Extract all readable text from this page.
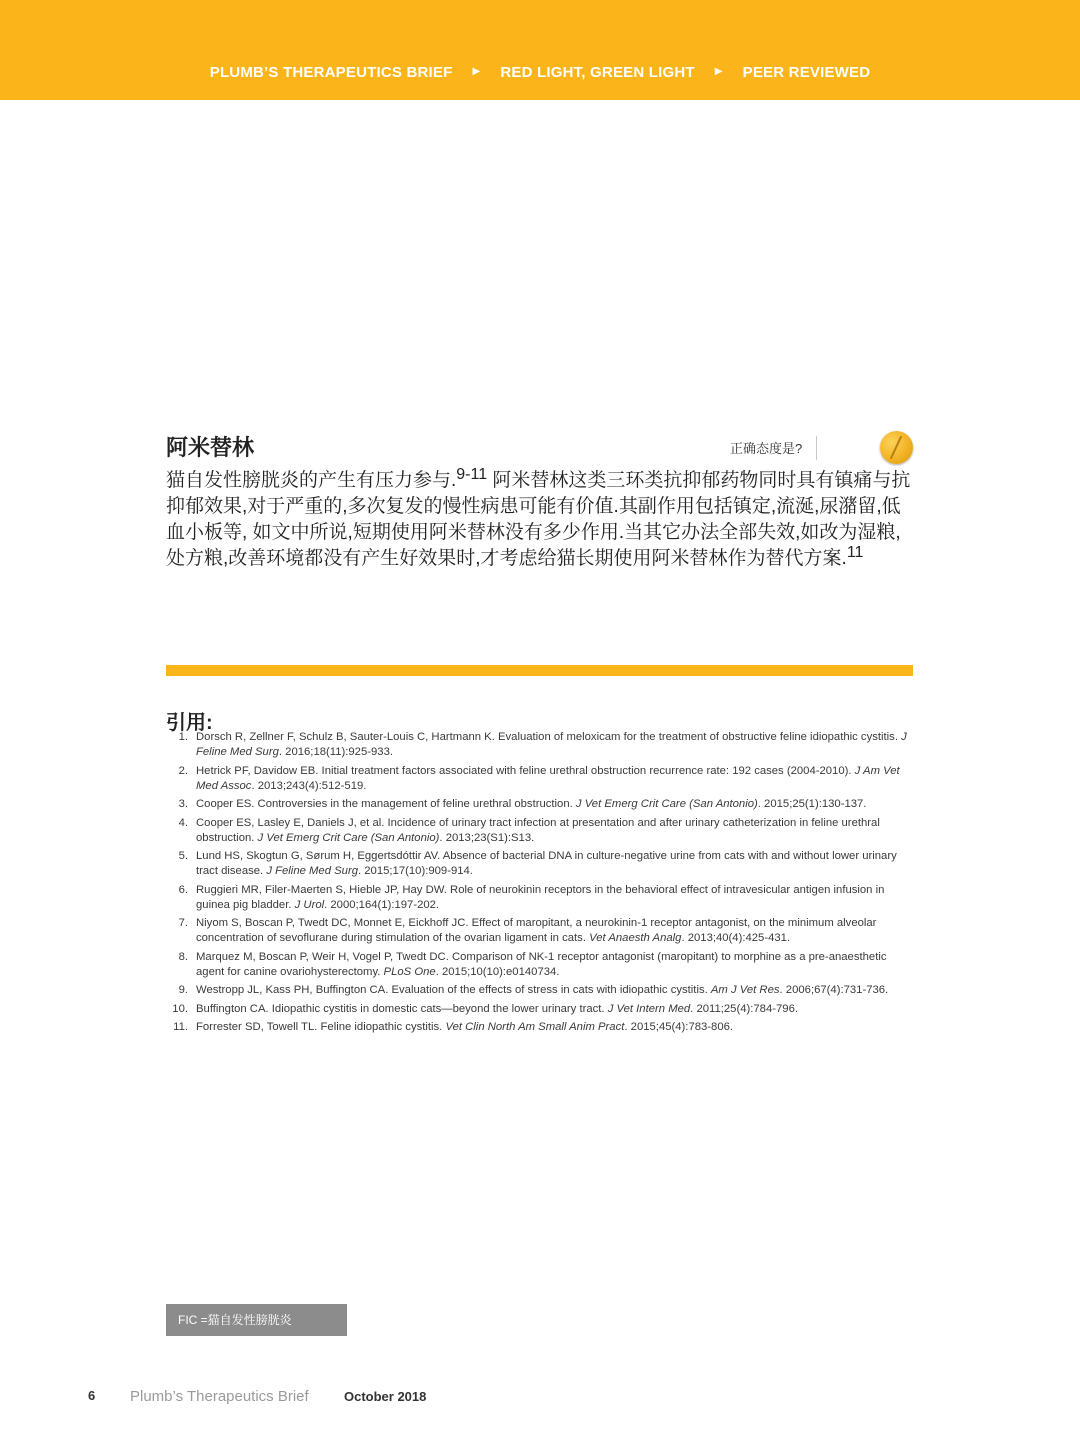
PLUMB’S THERAPEUTICS BRIEF ▶ RED LIGHT, GREEN LIGHT ▶ PEER REVIEWED
阿米替林	正确态度是?
猫自发性膀胱炎的产生有压力参与.$^{9-11}$ 阿米替林这类三环类抗抑郁药物同时具有镇痛与抗抑郁效果,对于严重的,多次复发的慢性病患可能有价值.其副作用包括镇定,流涎,尿潴留,低血小板等, 如文中所说,短期使用阿米替林没有多少作用.当其它办法全部失效,如改为湿粮,处方粮,改善环境都没有产生好效果时,才考虑给猫长期使用阿米替林作为替代方案.$^{11}$
引用:
1. Dorsch R, Zellner F, Schulz B, Sauter-Louis C, Hartmann K. Evaluation of meloxicam for the treatment of obstructive feline idiopathic cystitis. J Feline Med Surg. 2016;18(11):925-933.
2. Hetrick PF, Davidow EB. Initial treatment factors associated with feline urethral obstruction recurrence rate: 192 cases (2004-2010). J Am Vet Med Assoc. 2013;243(4):512-519.
3. Cooper ES. Controversies in the management of feline urethral obstruction. J Vet Emerg Crit Care (San Antonio). 2015;25(1):130-137.
4. Cooper ES, Lasley E, Daniels J, et al. Incidence of urinary tract infection at presentation and after urinary catheterization in feline urethral obstruction. J Vet Emerg Crit Care (San Antonio). 2013;23(S1):S13.
5. Lund HS, Skogtun G, Sørum H, Eggertsdóttir AV. Absence of bacterial DNA in culture-negative urine from cats with and without lower urinary tract disease. J Feline Med Surg. 2015;17(10):909-914.
6. Ruggieri MR, Filer-Maerten S, Hieble JP, Hay DW. Role of neurokinin receptors in the behavioral effect of intravesicular antigen infusion in guinea pig bladder. J Urol. 2000;164(1):197-202.
7. Niyom S, Boscan P, Twedt DC, Monnet E, Eickhoff JC. Effect of maropitant, a neurokinin-1 receptor antagonist, on the minimum alveolar concentration of sevoflurane during stimulation of the ovarian ligament in cats. Vet Anaesth Analg. 2013;40(4):425-431.
8. Marquez M, Boscan P, Weir H, Vogel P, Twedt DC. Comparison of NK-1 receptor antagonist (maropitant) to morphine as a pre-anaesthetic agent for canine ovariohysterectomy. PLoS One. 2015;10(10):e0140734.
9. Westropp JL, Kass PH, Buffington CA. Evaluation of the effects of stress in cats with idiopathic cystitis. Am J Vet Res. 2006;67(4):731-736.
10. Buffington CA. Idiopathic cystitis in domestic cats—beyond the lower urinary tract. J Vet Intern Med. 2011;25(4):784-796.
11. Forrester SD, Towell TL. Feline idiopathic cystitis. Vet Clin North Am Small Anim Pract. 2015;45(4):783-806.
FIC =猫自发性膀胱炎
6 Plumb’s Therapeutics Brief	October 2018
